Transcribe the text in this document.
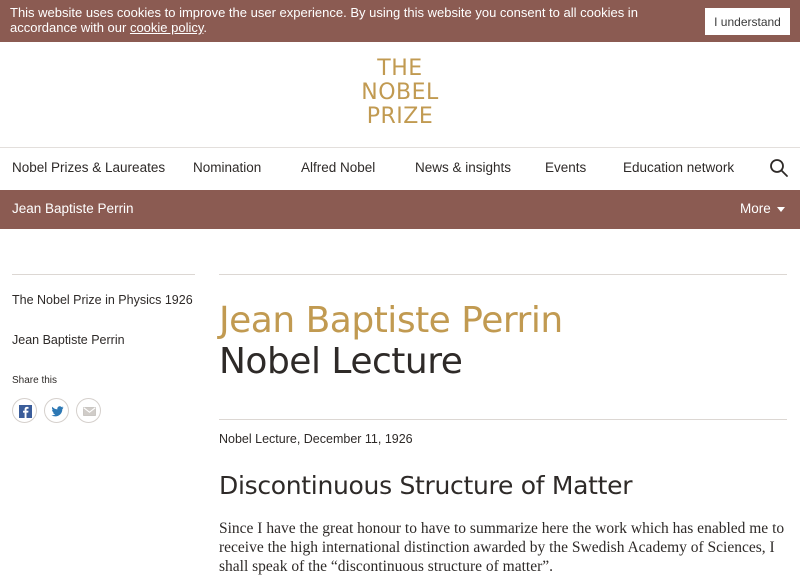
This website uses cookies to improve the user experience. By using this website you consent to all cookies in accordance with our cookie policy.	I understand
THE
NOBEL
PRIZE
Nobel Prizes & Laureates Nomination	Alfred Nobel	News & insights	Events	Education network
Jean Baptiste Perrin	More
The Nobel Prize in Physics 1926
Jean Baptiste Perrin
Share this
Jean Baptiste Perrin
Nobel Lecture

Nobel Lecture, December 11, 1926

Discontinuous Structure of Matter

Since I have the great honour to have to summarize here the work which has enabled me to receive the high international distinction awarded by the Swedish Academy of Sciences, I shall speak of the “discontinuous structure of matter”.
